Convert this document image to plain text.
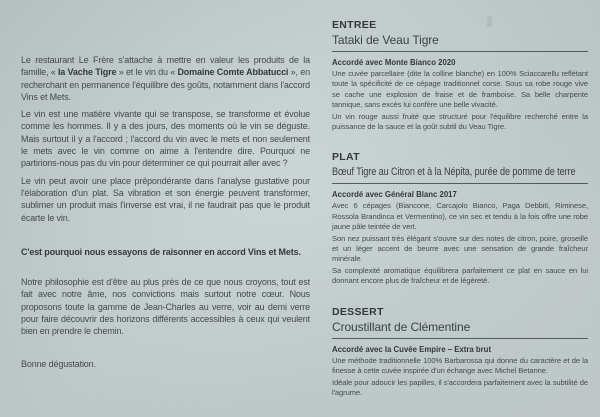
Le restaurant Le Frère s'attache à mettre en valeur les produits de la famille, « la Vache Tigre » et le vin du « Domaine Comte Abbatucci », en recherchant en permanence l'équilibre des goûts, notamment dans l'accord Vins et Mets.

Le vin est une matière vivante qui se transpose, se transforme et évolue comme les hommes. Il y a des jours, des moments où le vin se déguste. Mais surtout il y a l'accord ; l'accord du vin avec le mets et non seulement le mets avec le vin comme on aime à l'entendre dire. Pourquoi ne partirions-nous pas du vin pour déterminer ce qui pourrait aller avec ?

Le vin peut avoir une place prépondérante dans l'analyse gustative pour l'élaboration d'un plat. Sa vibration et son énergie peuvent transformer, sublimer un produit mais l'inverse est vrai, il ne faudrait pas que le produit écarte le vin.

C'est pourquoi nous essayons de raisonner en accord Vins et Mets.

Notre philosophie est d'être au plus près de ce que nous croyons, tout est fait avec notre âme, nos convictions mais surtout notre cœur. Nous proposons toute la gamme de Jean-Charles au verre, voir au demi verre pour faire découvrir des horizons différents accessibles à ceux qui veulent bien en prendre le chemin.

Bonne dégustation.

ENTREE
Tataki de Veau Tigre
Accordé avec Monte Bianco 2020

Une cuvée parcellaire (dite la colline blanche) en 100% Sciaccarellu reflétant toute la spécificité de ce cépage traditionnel corse. Sous sa robe rouge vive se cache une explosion de fraise et de framboise. Sa belle charpente tannique, sans excès lui confère une belle vivacité.

Un vin rouge aussi fruité que structuré pour l'équilibre recherché entre la puissance de la sauce et la goût subtil du Veau Tigre.

PLAT
Bœuf Tigre au Citron et à la Népita, purée de pomme de terre
Accordé avec Général Blanc 2017

Avec 6 cépages (Biancone, Carcajolo Bianco, Paga Debbiti, Riminese, Rossola Brandinca et Vermentino), ce vin sec et tendu à la fois offre une robe jaune pâle teintée de vert.

Son nez puissant très élégant s'ouvre sur des notes de citron, poire, groseille et un léger accent de beurre avec une sensation de grande fraîcheur minérale.

Sa complexité aromatique équilibrera parfaitement ce plat en sauce en lui donnant encore plus de fraîcheur et de légèreté.

DESSERT
Croustillant de Clémentine
Accordé avec la Cuvée Empire – Extra brut

Une méthode traditionnelle 100% Barbarossa qui donne du caractère et de la finesse à cette cuvée inspirée d'un échange avec Michel Betanne.

Idéale pour adoucir les papilles, il s'accordera parfaitement avec la subtilité de l'agrume.
